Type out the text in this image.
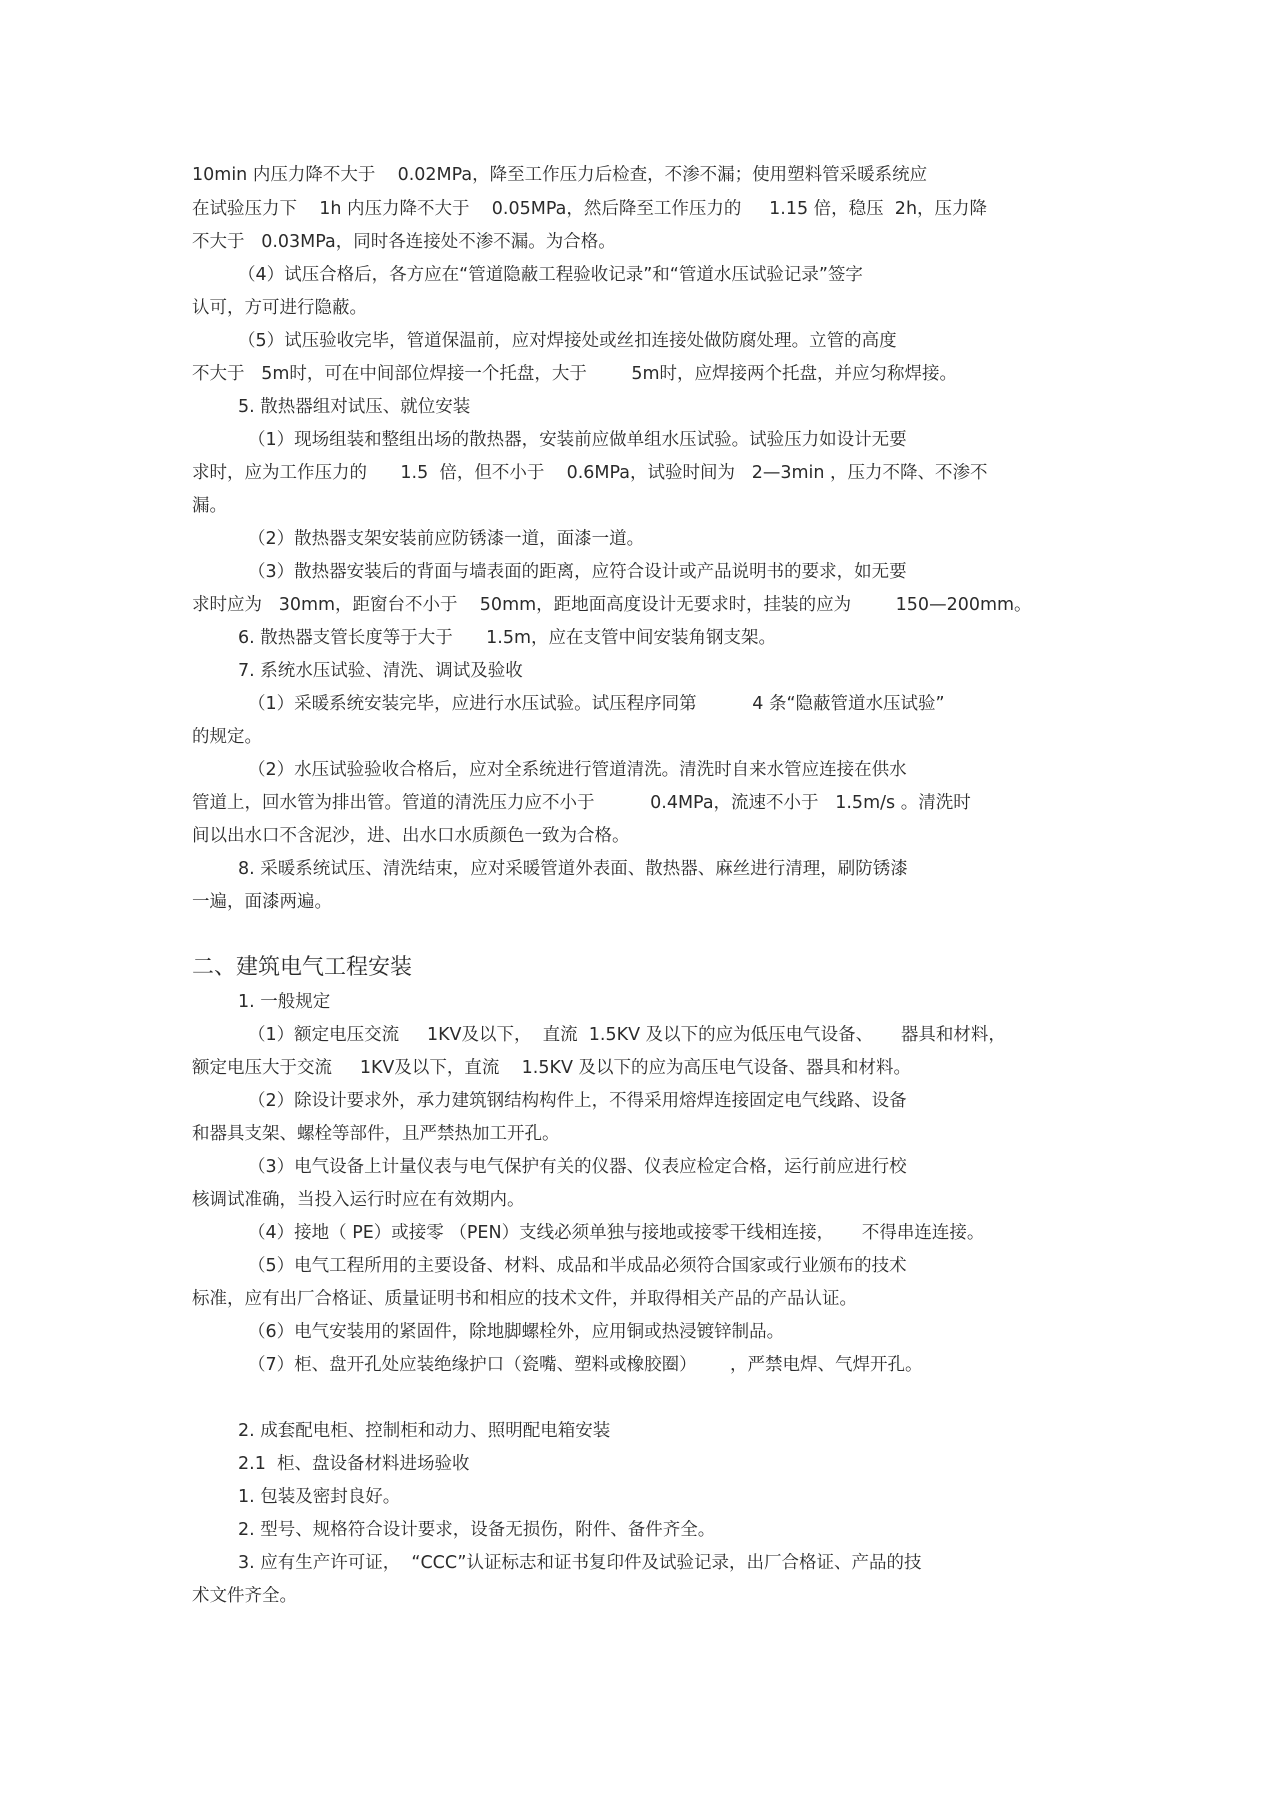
10min 内压力降不大于    0.02MPa，降至工作压力后检查，不渗不漏；使用塑料管采暖系统应
在试验压力下    1h 内压力降不大于    0.05MPa，然后降至工作压力的     1.15 倍，稳压  2h，压力降
不大于   0.03MPa，同时各连接处不渗不漏。为合格。
（4）试压合格后，各方应在“管道隐蔽工程验收记录”和“管道水压试验记录”签字
认可，方可进行隐蔽。
（5）试压验收完毕，管道保温前，应对焊接处或丝扣连接处做防腐处理。立管的高度
不大于   5m时，可在中间部位焊接一个托盘，大于        5m时，应焊接两个托盘，并应匀称焊接。
5. 散热器组对试压、就位安装
（1）现场组装和整组出场的散热器，安装前应做单组水压试验。试验压力如设计无要
求时，应为工作压力的      1.5  倍，但不小于    0.6MPa，试验时间为   2—3min ，压力不降、不渗不
漏。
（2）散热器支架安装前应防锈漆一道，面漆一道。
（3）散热器安装后的背面与墙表面的距离，应符合设计或产品说明书的要求，如无要
求时应为   30mm，距窗台不小于    50mm，距地面高度设计无要求时，挂装的应为        150—200mm。
6. 散热器支管长度等于大于      1.5m，应在支管中间安装角钢支架。
7. 系统水压试验、清洗、调试及验收
（1）采暖系统安装完毕，应进行水压试验。试压程序同第          4 条“隐蔽管道水压试验”
的规定。
（2）水压试验验收合格后，应对全系统进行管道清洗。清洗时自来水管应连接在供水
管道上，回水管为排出管。管道的清洗压力应不小于          0.4MPa，流速不小于   1.5m/s 。清洗时
间以出水口不含泥沙，进、出水口水质颜色一致为合格。
8. 采暖系统试压、清洗结束，应对采暖管道外表面、散热器、麻丝进行清理，刷防锈漆
一遍，面漆两遍。
二、建筑电气工程安装
1. 一般规定
（1）额定电压交流     1KV及以下，  直流  1.5KV 及以下的应为低压电气设备、     器具和材料，
额定电压大于交流     1KV及以下，直流    1.5KV 及以下的应为高压电气设备、器具和材料。
（2）除设计要求外，承力建筑钢结构构件上，不得采用熔焊连接固定电气线路、设备
和器具支架、螺栓等部件，且严禁热加工开孔。
（3）电气设备上计量仪表与电气保护有关的仪器、仪表应检定合格，运行前应进行校
核调试准确，当投入运行时应在有效期内。
（4）接地（ PE）或接零 （PEN）支线必须单独与接地或接零干线相连接，     不得串连连接。
（5）电气工程所用的主要设备、材料、成品和半成品必须符合国家或行业颁布的技术
标准，应有出厂合格证、质量证明书和相应的技术文件，并取得相关产品的产品认证。
（6）电气安装用的紧固件，除地脚螺栓外，应用铜或热浸镀锌制品。
（7）柜、盘开孔处应装绝缘护口（瓷嘴、塑料或橡胶圈）      ，严禁电焊、气焊开孔。
2. 成套配电柜、控制柜和动力、照明配电箱安装
2.1  柜、盘设备材料进场验收
1. 包装及密封良好。
2. 型号、规格符合设计要求，设备无损伤，附件、备件齐全。
3. 应有生产许可证，  “CCC”认证标志和证书复印件及试验记录，出厂合格证、产品的技
术文件齐全。
